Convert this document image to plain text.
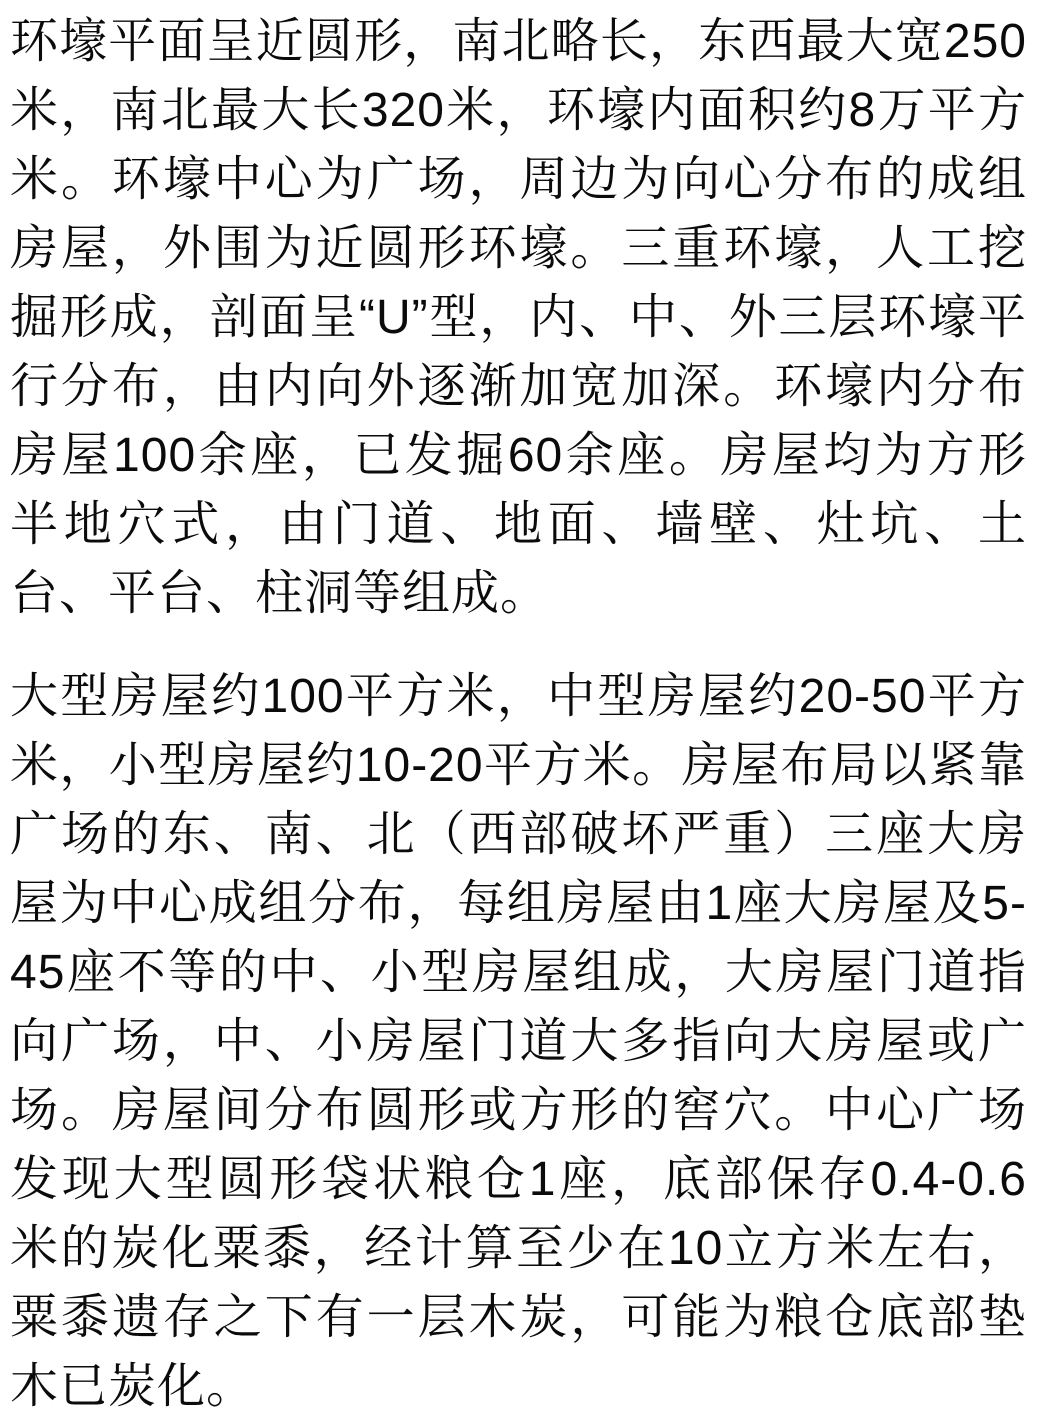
环壕平面呈近圆形，南北略长，东西最大宽250米，南北最大长320米，环壕内面积约8万平方米。环壕中心为广场，周边为向心分布的成组房屋，外围为近圆形环壕。三重环壕，人工挖掘形成，剖面呈“U”型，内、中、外三层环壕平行分布，由内向外逐渐加宽加深。环壕内分布房屋100余座，已发掘60余座。房屋均为方形半地穴式，由门道、地面、墙壁、灶坑、土台、平台、柱洞等组成。

大型房屋约100平方米，中型房屋约20-50平方米，小型房屋约10-20平方米。房屋布局以紧靠广场的东、南、北（西部破坏严重）三座大房屋为中心成组分布，每组房屋由1座大房屋及5-45座不等的中、小型房屋组成，大房屋门道指向广场，中、小房屋门道大多指向大房屋或广场。房屋间分布圆形或方形的窖穴。中心广场发现大型圆形袋状粮仓1座，底部保存0.4-0.6米的炭化粟黍，经计算至少在10立方米左右，粟黍遗存之下有一层木炭，可能为粮仓底部垫木已炭化。
